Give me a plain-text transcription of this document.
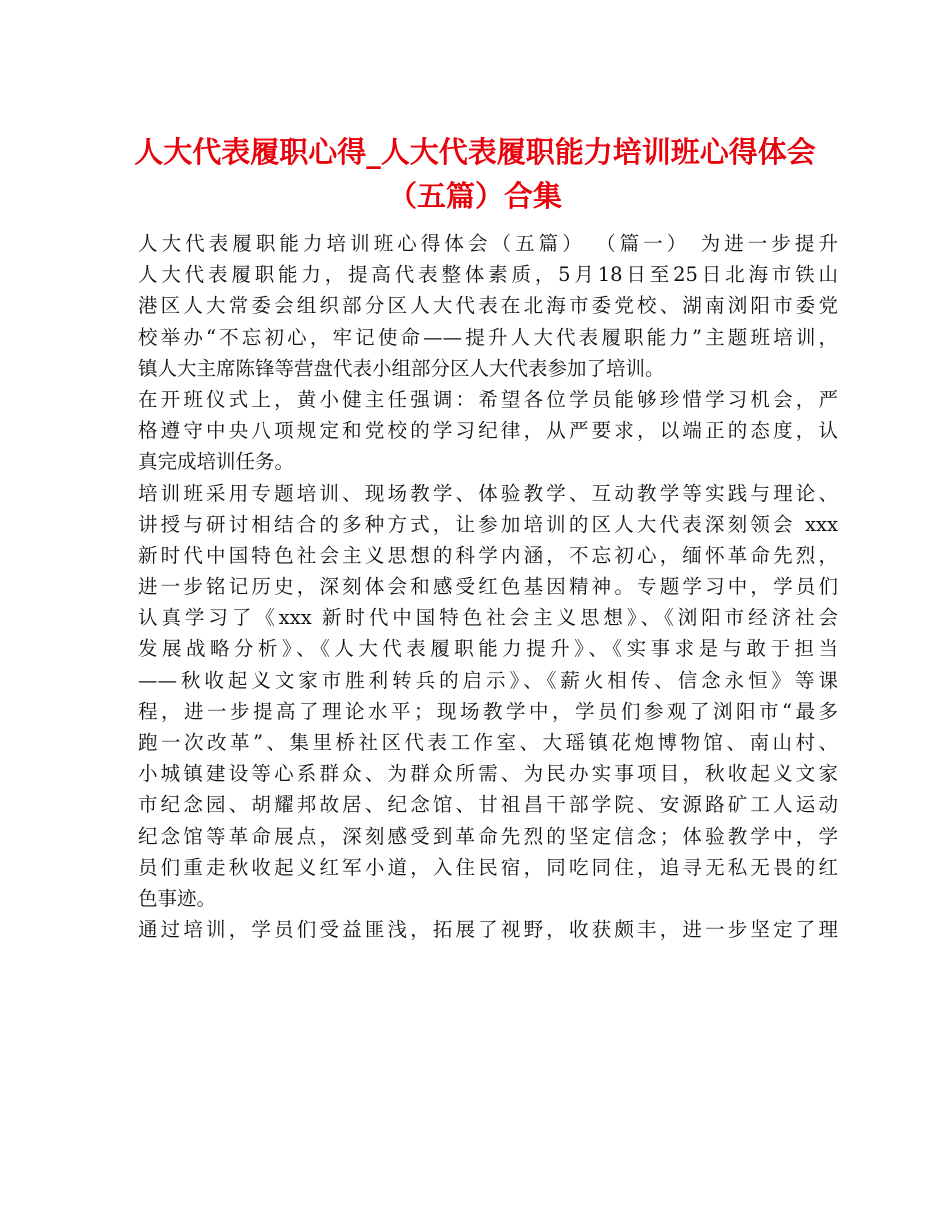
人大代表履职心得_人大代表履职能力培训班心得体会
（五篇）合集
人大代表履职能力培训班心得体会（五篇） （篇一） 为进一步提升
人大代表履职能力，提高代表整体素质，5月18日至25日北海市铁山
港区人大常委会组织部分区人大代表在北海市委党校、湖南浏阳市委党
校举办“不忘初心，牢记使命——提升人大代表履职能力”主题班培训，
镇人大主席陈锋等营盘代表小组部分区人大代表参加了培训。
在开班仪式上，黄小健主任强调：希望各位学员能够珍惜学习机会，严
格遵守中央八项规定和党校的学习纪律，从严要求，以端正的态度，认
真完成培训任务。
培训班采用专题培训、现场教学、体验教学、互动教学等实践与理论、
讲授与研讨相结合的多种方式，让参加培训的区人大代表深刻领会 xxx
新时代中国特色社会主义思想的科学内涵，不忘初心，缅怀革命先烈，
进一步铭记历史，深刻体会和感受红色基因精神。专题学习中，学员们
认真学习了《xxx 新时代中国特色社会主义思想》、《浏阳市经济社会
发展战略分析》、《人大代表履职能力提升》、《实事求是与敢于担当
——秋收起义文家市胜利转兵的启示》、《薪火相传、信念永恒》等课
程，进一步提高了理论水平；现场教学中，学员们参观了浏阳市“最多
跑一次改革”、集里桥社区代表工作室、大瑶镇花炮博物馆、南山村、
小城镇建设等心系群众、为群众所需、为民办实事项目，秋收起义文家
市纪念园、胡耀邦故居、纪念馆、甘祖昌干部学院、安源路矿工人运动
纪念馆等革命展点，深刻感受到革命先烈的坚定信念；体验教学中，学
员们重走秋收起义红军小道，入住民宿，同吃同住，追寻无私无畏的红
色事迹。
通过培训，学员们受益匪浅，拓展了视野，收获颇丰，进一步坚定了理
